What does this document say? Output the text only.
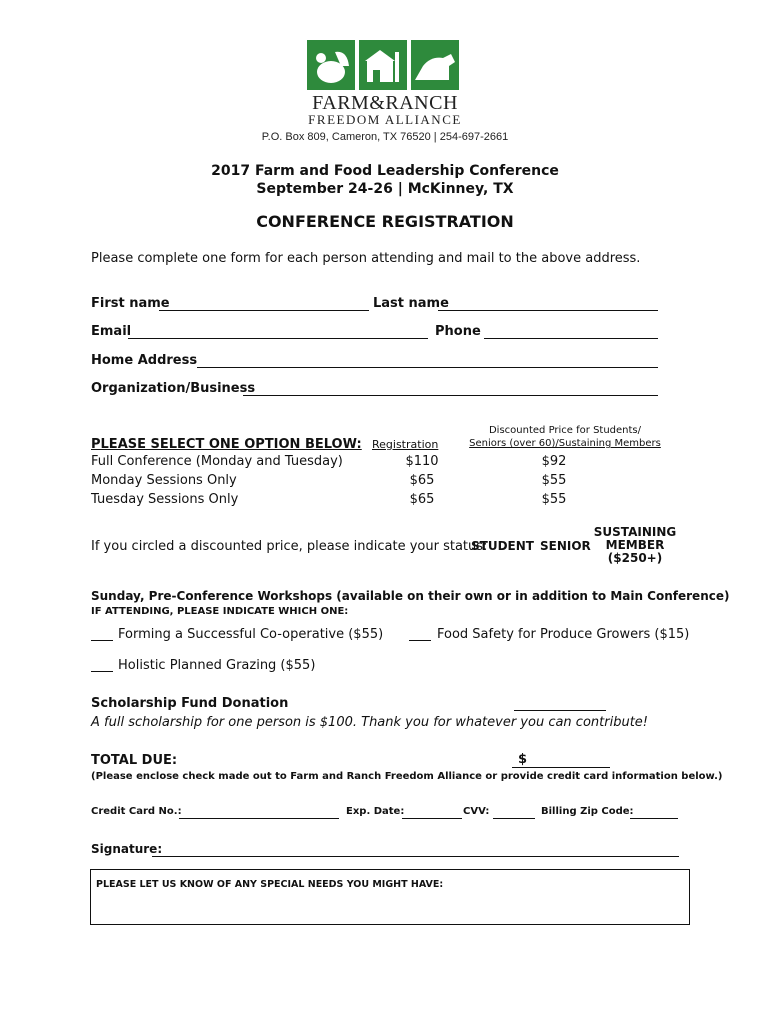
FARM&RANCH
FREEDOM ALLIANCE
P.O. Box 809, Cameron, TX 76520 | 254-697-2661
2017 Farm and Food Leadership Conference
September 24-26 | McKinney, TX
CONFERENCE REGISTRATION
Please complete one form for each person attending and mail to the above address.
First name	Last name
Email	Phone
Home Address
Organization/Business
Discounted Price for Students/
Seniors (over 60)/Sustaining Members
Registration
PLEASE SELECT ONE OPTION BELOW:
Full Conference (Monday and Tuesday)	$110	$92
Monday Sessions Only	$65	$55
Tuesday Sessions Only	$65	$55
If you circled a discounted price, please indicate your status:
STUDENT SENIOR
SUSTAINING
MEMBER
($250+)
Sunday, Pre-Conference Workshops (available on their own or in addition to Main Conference)
IF ATTENDING, PLEASE INDICATE WHICH ONE:
Forming a Successful Co-operative ($55)	Food Safety for Produce Growers ($15)
Holistic Planned Grazing ($55)
Scholarship Fund Donation
A full scholarship for one person is $100. Thank you for whatever you can contribute!
TOTAL DUE:	$
(Please enclose check made out to Farm and Ranch Freedom Alliance or provide credit card information below.)
Credit Card No.:	Exp. Date:	CVV:	Billing Zip Code:
Signature:
PLEASE LET US KNOW OF ANY SPECIAL NEEDS YOU MIGHT HAVE:
